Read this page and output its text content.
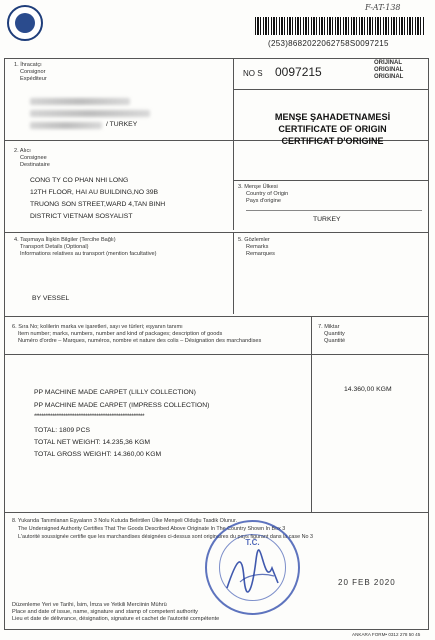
F-AT-138
(253)8682022062758S0097215
1. İhracatçı
Consignor
Expéditeur
/ TURKEY
NO S 0097215
ORİJİNAL
ORIGINAL
ORIGINAL
MENŞE ŞAHADETNAMESİ
CERTIFICATE OF ORIGIN
CERTIFICAT D'ORIGINE
2. Alıcı
Consignee
Destinataire
CONG TY CO PHAN NHI LONG
12TH FLOOR, HAI AU BUILDING,NO 39B
TRUONG SON STREET,WARD 4,TAN BINH
DISTRICT VIETNAM SOSYALIST
3. Menşe Ülkesi
Country of Origin
Pays d'origine
TURKEY
4. Taşımaya İlişkin Bilgiler (Tercihe Bağlı)
Transport Details (Optional)
Informations relatives au transport (mention facultative)
BY VESSEL
5. Gözlemler
Remarks
Remarques
6. Sıra No; kolilerin marka ve işaretleri, sayı ve türleri; eşyanın tanımı
Item number; marks, numbers, number and kind of packages; description of goods
Numéro d'ordre – Marques, numéros, nombre et nature des colis – Désignation des marchandises
PP MACHINE MADE CARPET (LILLY COLLECTION)
PP MACHINE MADE CARPET (IMPRESS COLLECTION)
************************************************************
TOTAL: 1809 PCS
TOTAL NET WEIGHT: 14.235,36 KGM
TOTAL GROSS WEIGHT: 14.360,00 KGM
7. Miktar
Quantity
Quantité
14.360,00 KGM
8. Yukarıda Tanımlanan Eşyaların 3 Nolu Kutuda Belirtilen Ülke Menşeli Olduğu Tasdik Olunur.
The Undersigned Authority Certifies That The Goods Described Above Originate In The Country Shown In Box 3
L'autorité soussignée certifie que les marchandises désignées ci-dessus sont originaires du pays figurant dans la case No 3
T.C.
20 FEB 2020
Düzenleme Yeri ve Tarihi, İsim, İmza ve Yetkili Merciinin Mührü
Place and date of issue, name, signature and stamp of competent authority
Lieu et date de délivrance, désignation, signature et cachet de l'autorité compétente
ANKARA FORM• 0312 278 50 45
